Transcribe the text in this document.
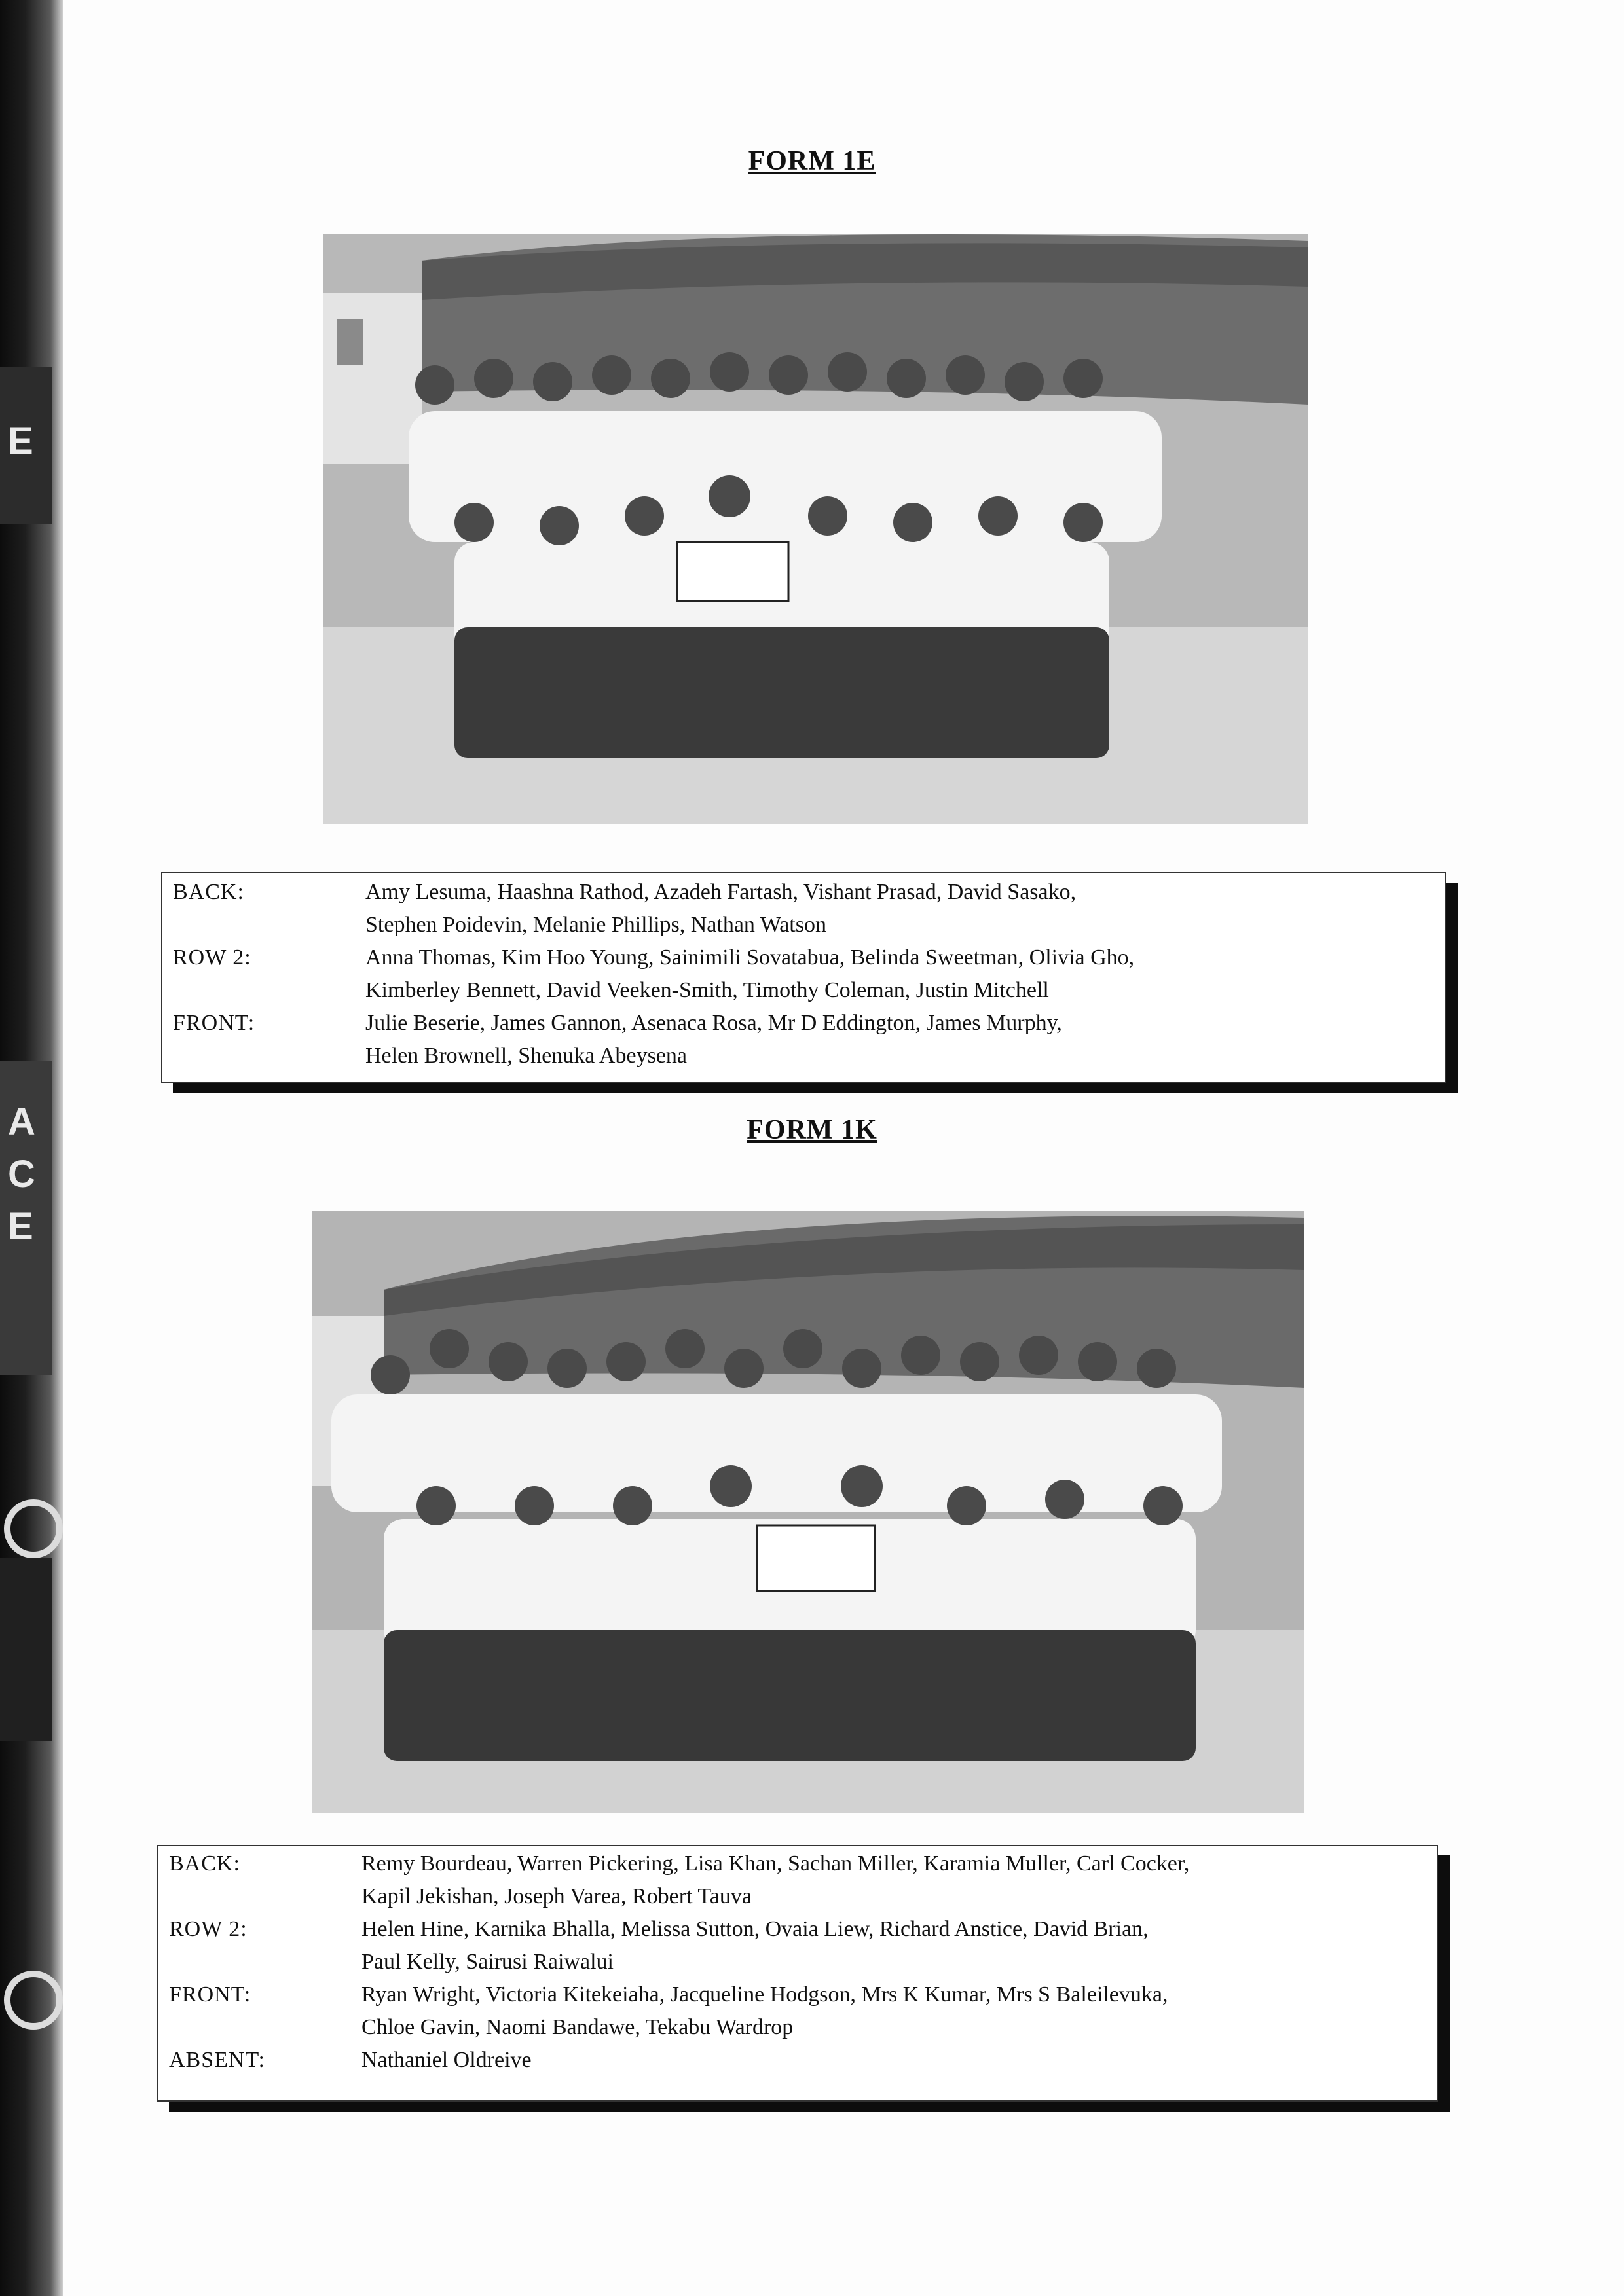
E
A
C
E
FORM 1E
BACK:	Amy Lesuma, Haashna Rathod, Azadeh Fartash, Vishant Prasad, David Sasako,
Stephen Poidevin, Melanie Phillips, Nathan Watson
ROW 2:	Anna Thomas, Kim Hoo Young, Sainimili Sovatabua, Belinda Sweetman, Olivia Gho,
Kimberley Bennett, David Veeken-Smith, Timothy Coleman, Justin Mitchell
FRONT:	Julie Beserie, James Gannon, Asenaca Rosa, Mr D Eddington, James Murphy,
Helen Brownell, Shenuka Abeysena
FORM 1K
BACK:	Remy Bourdeau, Warren Pickering, Lisa Khan, Sachan Miller, Karamia Muller, Carl Cocker,
Kapil Jekishan, Joseph Varea, Robert Tauva
ROW 2:	Helen Hine, Karnika Bhalla, Melissa Sutton, Ovaia Liew, Richard Anstice, David Brian,
Paul Kelly, Sairusi Raiwalui
FRONT:	Ryan Wright, Victoria Kitekeiaha, Jacqueline Hodgson, Mrs K Kumar, Mrs S Baleilevuka,
Chloe Gavin, Naomi Bandawe, Tekabu Wardrop
ABSENT:	Nathaniel Oldreive
